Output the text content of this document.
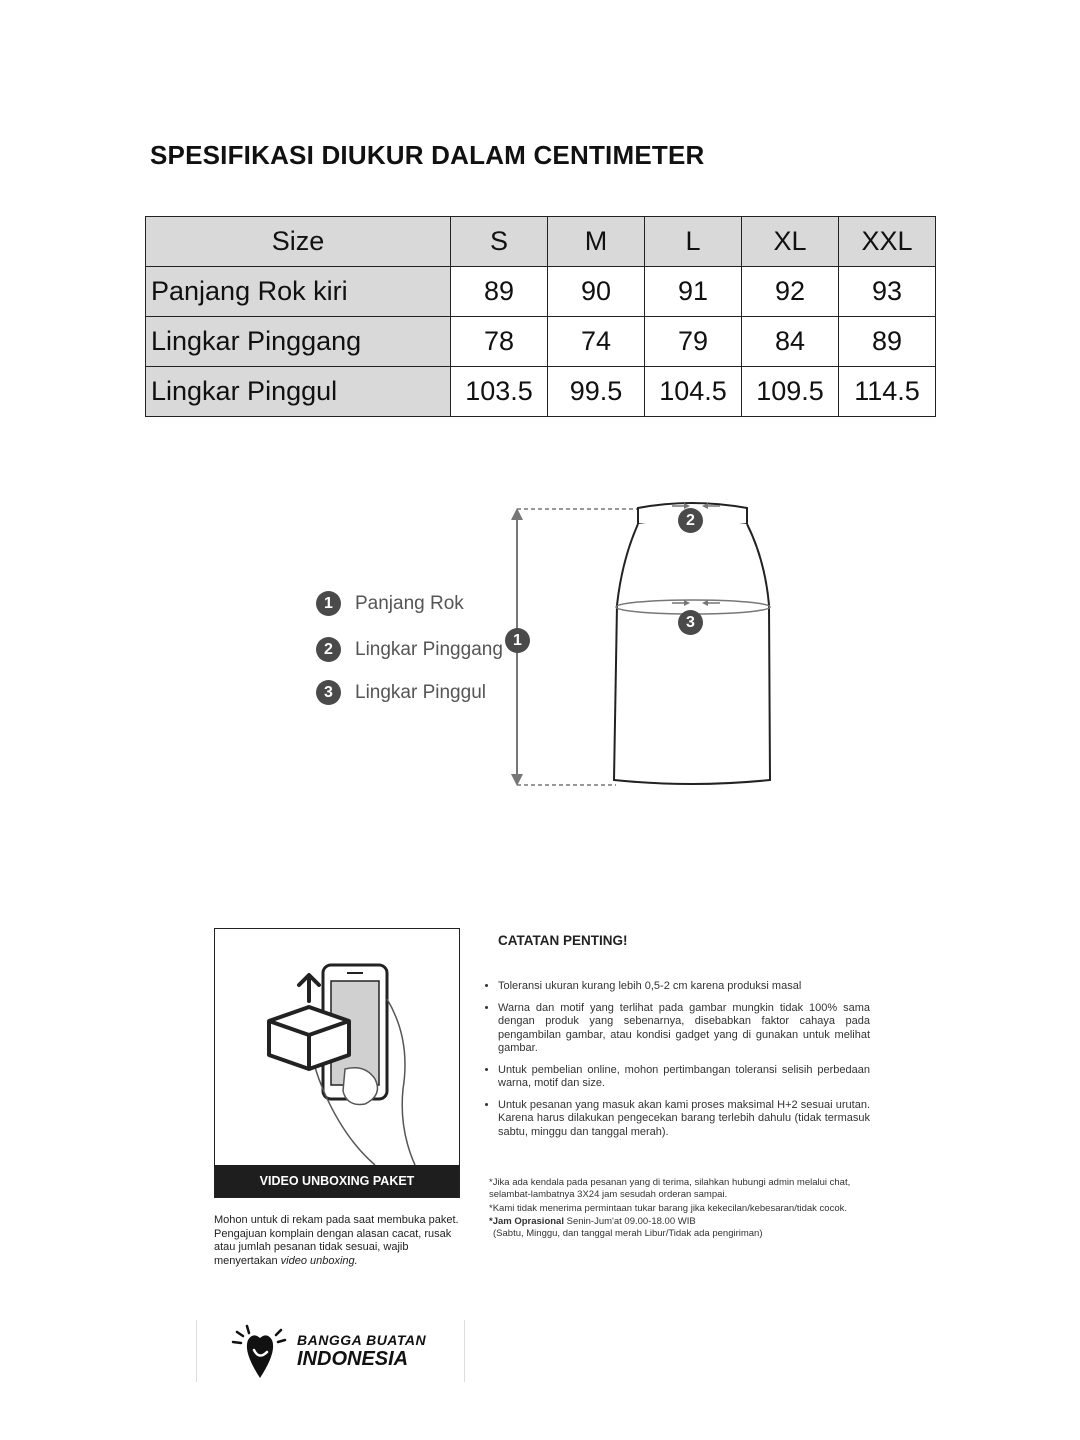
SPESIFIKASI DIUKUR DALAM CENTIMETER
Size	S	M	L	XL	XXL
Panjang Rok kiri	89	90	91	92	93
Lingkar Pinggang	78	74	79	84	89
Lingkar Pinggul	103.5	99.5	104.5	109.5	114.5
1	Panjang Rok
2	Lingkar Pinggang
3	Lingkar Pinggul
1
2
3
VIDEO UNBOXING PAKET
Mohon untuk di rekam pada saat membuka paket. Pengajuan komplain dengan alasan cacat, rusak atau jumlah pesanan tidak sesuai, wajib menyertakan video unboxing.
CATATAN PENTING!
• Toleransi ukuran kurang lebih 0,5-2 cm karena produksi masal
• Warna dan motif yang terlihat pada gambar mungkin tidak 100% sama dengan produk yang sebenarnya, disebabkan faktor cahaya pada pengambilan gambar, atau kondisi gadget yang di gunakan untuk melihat gambar.
• Untuk pembelian online, mohon pertimbangan toleransi selisih perbedaan warna, motif dan size.
• Untuk pesanan yang masuk akan kami proses maksimal H+2 sesuai urutan. Karena harus dilakukan pengecekan barang terlebih dahulu (tidak termasuk sabtu, minggu dan tanggal merah).
*Jika ada kendala pada pesanan yang di terima, silahkan hubungi admin melalui chat, selambat-lambatnya 3X24 jam sesudah orderan sampai.
*Kami tidak menerima permintaan tukar barang jika kekecilan/kebesaran/tidak cocok.
*Jam Oprasional Senin-Jum'at 09.00-18.00 WIB
(Sabtu, Minggu, dan tanggal merah Libur/Tidak ada pengiriman)
BANGGA BUATAN
INDONESIA
